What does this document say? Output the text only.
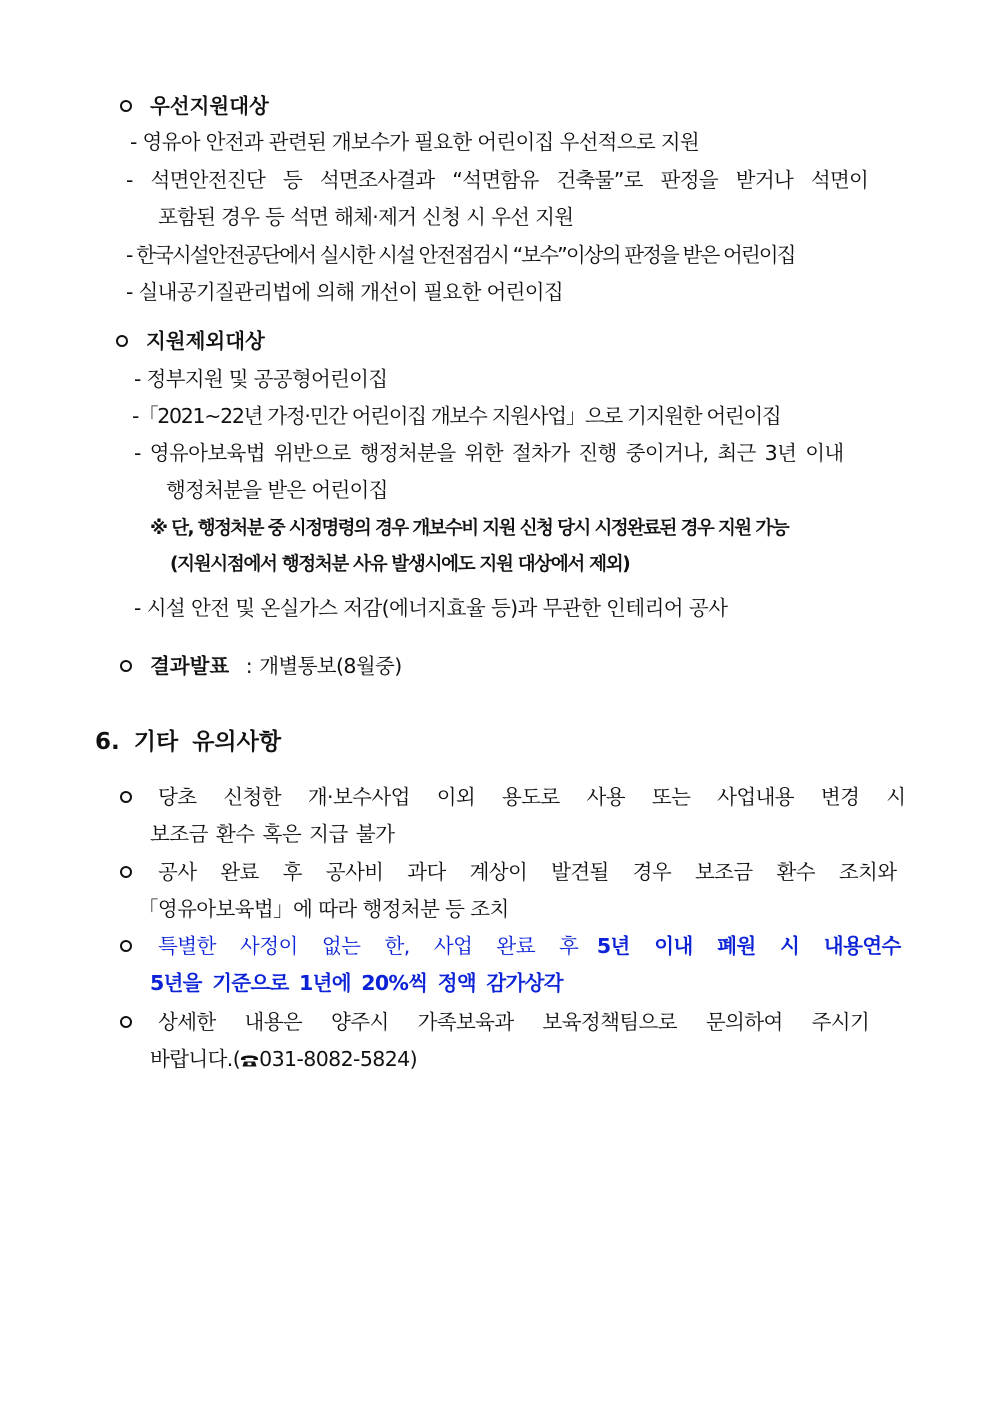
우선지원대상
- 영유아 안전과 관련된 개보수가 필요한 어린이집 우선적으로 지원
- 석면안전진단 등 석면조사결과 “석면함유 건축물”로 판정을 받거나 석면이
포함된 경우 등 석면 해체·제거 신청 시 우선 지원
- 한국시설안전공단에서 실시한 시설 안전점검시 “보수”이상의 판정을 받은 어린이집
- 실내공기질관리법에 의해 개선이 필요한 어린이집
지원제외대상
- 정부지원 및 공공형어린이집
-「2021~22년 가정·민간 어린이집 개보수 지원사업」으로 기지원한 어린이집
- 영유아보육법 위반으로 행정처분을 위한 절차가 진행 중이거나, 최근 3년 이내
행정처분을 받은 어린이집
※ 단, 행정처분 중 시정명령의 경우 개보수비 지원 신청 당시 시정완료된 경우 지원 가능
(지원시점에서 행정처분 사유 발생시에도 지원 대상에서 제외)
- 시설 안전 및 온실가스 저감(에너지효율 등)과 무관한 인테리어 공사
결과발표 : 개별통보(8월중)
6. 기타 유의사항
당초 신청한 개·보수사업 이외 용도로 사용 또는 사업내용 변경 시
보조금 환수 혹은 지급 불가
공사 완료 후 공사비 과다 계상이 발견될 경우 보조금 환수 조치와
「영유아보육법」에 따라 행정처분 등 조치
특별한 사정이 없는 한, 사업 완료 후 5년 이내 폐원 시 내용연수
5년을 기준으로 1년에 20%씩 정액 감가상각
상세한 내용은 양주시 가족보육과 보육정책팀으로 문의하여 주시기
바랍니다.( 031-8082-5824)
